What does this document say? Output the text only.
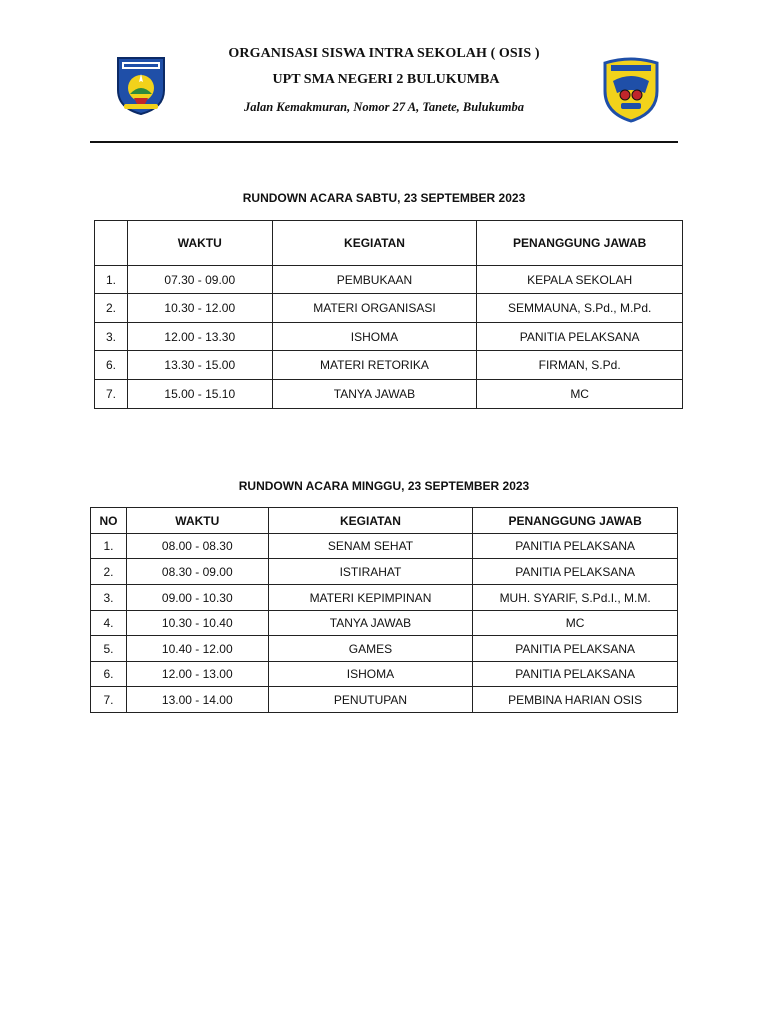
ORGANISASI SISWA INTRA SEKOLAH ( OSIS )
UPT SMA NEGERI 2 BULUKUMBA
Jalan Kemakmuran, Nomor 27 A, Tanete, Bulukumba
RUNDOWN ACARA SABTU, 23 SEPTEMBER 2023
	WAKTU	KEGIATAN	PENANGGUNG JAWAB
1.	07.30 - 09.00	PEMBUKAAN	KEPALA SEKOLAH
2.	10.30 - 12.00	MATERI ORGANISASI	SEMMAUNA, S.Pd., M.Pd.
3.	12.00 - 13.30	ISHOMA	PANITIA PELAKSANA
6.	13.30 - 15.00	MATERI RETORIKA	FIRMAN, S.Pd.
7.	15.00 - 15.10	TANYA JAWAB	MC
RUNDOWN ACARA MINGGU, 23 SEPTEMBER 2023
NO	WAKTU	KEGIATAN	PENANGGUNG JAWAB
1.	08.00 - 08.30	SENAM SEHAT	PANITIA PELAKSANA
2.	08.30 - 09.00	ISTIRAHAT	PANITIA PELAKSANA
3.	09.00 - 10.30	MATERI KEPIMPINAN	MUH. SYARIF, S.Pd.I., M.M.
4.	10.30 - 10.40	TANYA JAWAB	MC
5.	10.40 - 12.00	GAMES	PANITIA PELAKSANA
6.	12.00 - 13.00	ISHOMA	PANITIA PELAKSANA
7.	13.00 - 14.00	PENUTUPAN	PEMBINA HARIAN OSIS
